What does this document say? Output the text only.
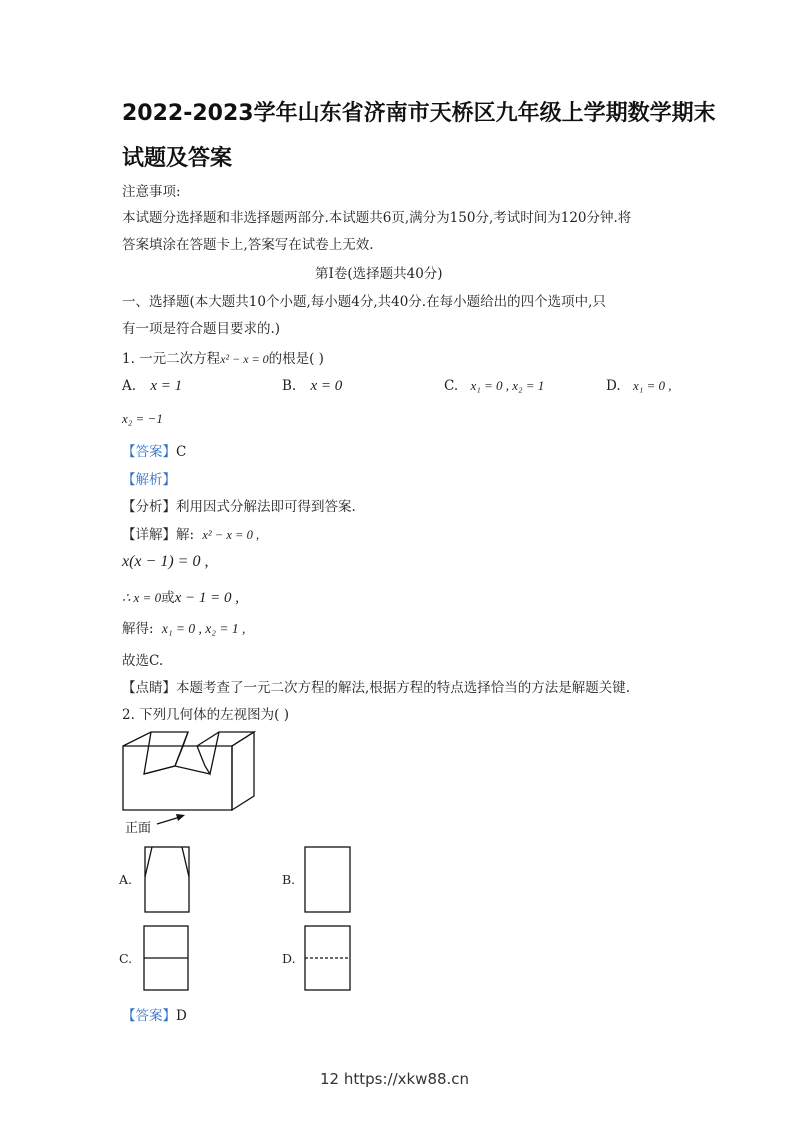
2022-2023学年山东省济南市天桥区九年级上学期数学期末
试题及答案
注意事项:
本试题分选择题和非选择题两部分.本试题共6页,满分为150分,考试时间为120分钟.将
答案填涂在答题卡上,答案写在试卷上无效.
第Ⅰ卷(选择题共40分)
一、选择题(本大题共10个小题,每小题4分,共40分.在每小题给出的四个选项中,只
有一项是符合题目要求的.)
1. 一元二次方程x² − x = 0的根是( )
A. x = 1	B. x = 0	C. x₁ = 0 , x₂ = 1	D. x₁ = 0 ,
x₂ = −1
【答案】C
【解析】
【分析】利用因式分解法即可得到答案.
【详解】解: x² − x = 0 ,
x(x − 1) = 0 ,
∴ x = 0或x − 1 = 0 ,
解得: x₁ = 0 , x₂ = 1 ,
故选C.
【点睛】本题考查了一元二次方程的解法,根据方程的特点选择恰当的方法是解题关键.
2. 下列几何体的左视图为( )
正面
A.	B.
C.	D.
【答案】D
12 https://xkw88.cn
